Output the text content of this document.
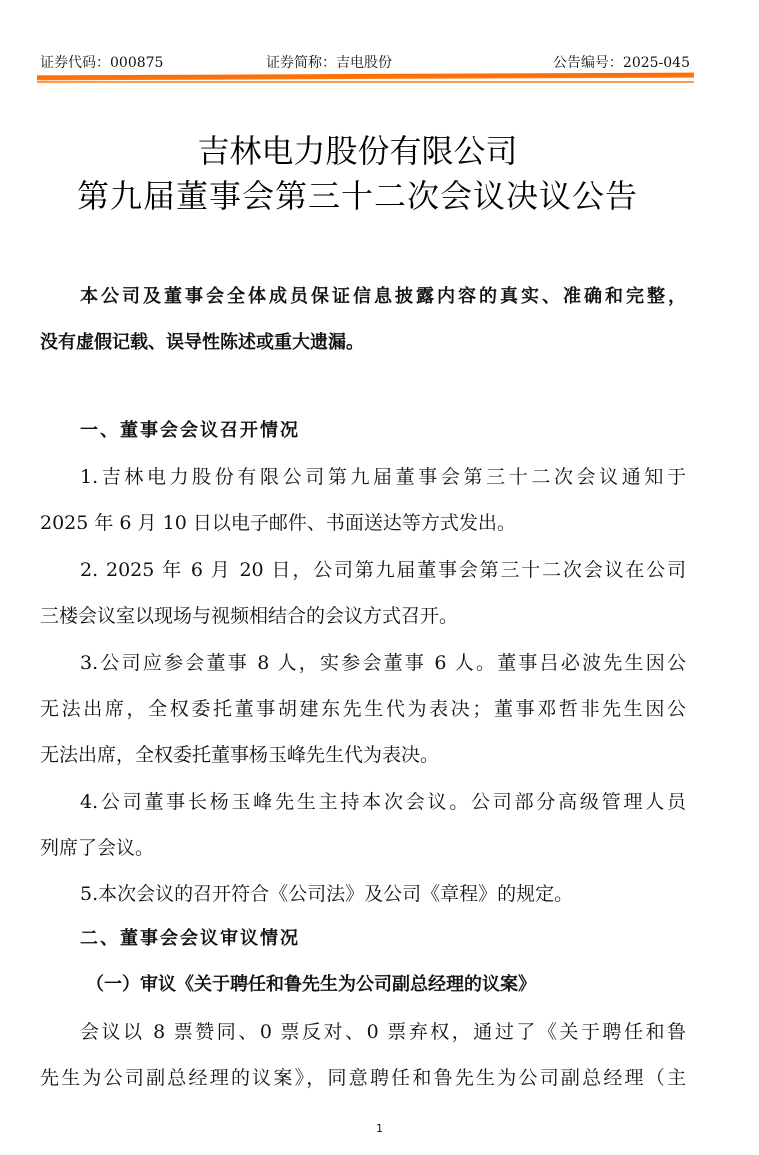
证券代码：000875	证券简称：吉电股份	公告编号：2025-045
吉林电力股份有限公司
第九届董事会第三十二次会议决议公告
本公司及董事会全体成员保证信息披露内容的真实、准确和完整，
没有虚假记载、误导性陈述或重大遗漏。
一、董事会会议召开情况
1.吉林电力股份有限公司第九届董事会第三十二次会议通知于
2025 年 6 月 10 日以电子邮件、书面送达等方式发出。
2. 2025 年 6 月 20 日，公司第九届董事会第三十二次会议在公司
三楼会议室以现场与视频相结合的会议方式召开。
3.公司应参会董事 8 人，实参会董事 6 人。董事吕必波先生因公
无法出席，全权委托董事胡建东先生代为表决；董事邓哲非先生因公
无法出席，全权委托董事杨玉峰先生代为表决。
4.公司董事长杨玉峰先生主持本次会议。公司部分高级管理人员
列席了会议。
5.本次会议的召开符合《公司法》及公司《章程》的规定。
二、董事会会议审议情况
（一）审议《关于聘任和鲁先生为公司副总经理的议案》
会议以 8 票赞同、0 票反对、0 票弃权，通过了《关于聘任和鲁
先生为公司副总经理的议案》，同意聘任和鲁先生为公司副总经理（主
1
